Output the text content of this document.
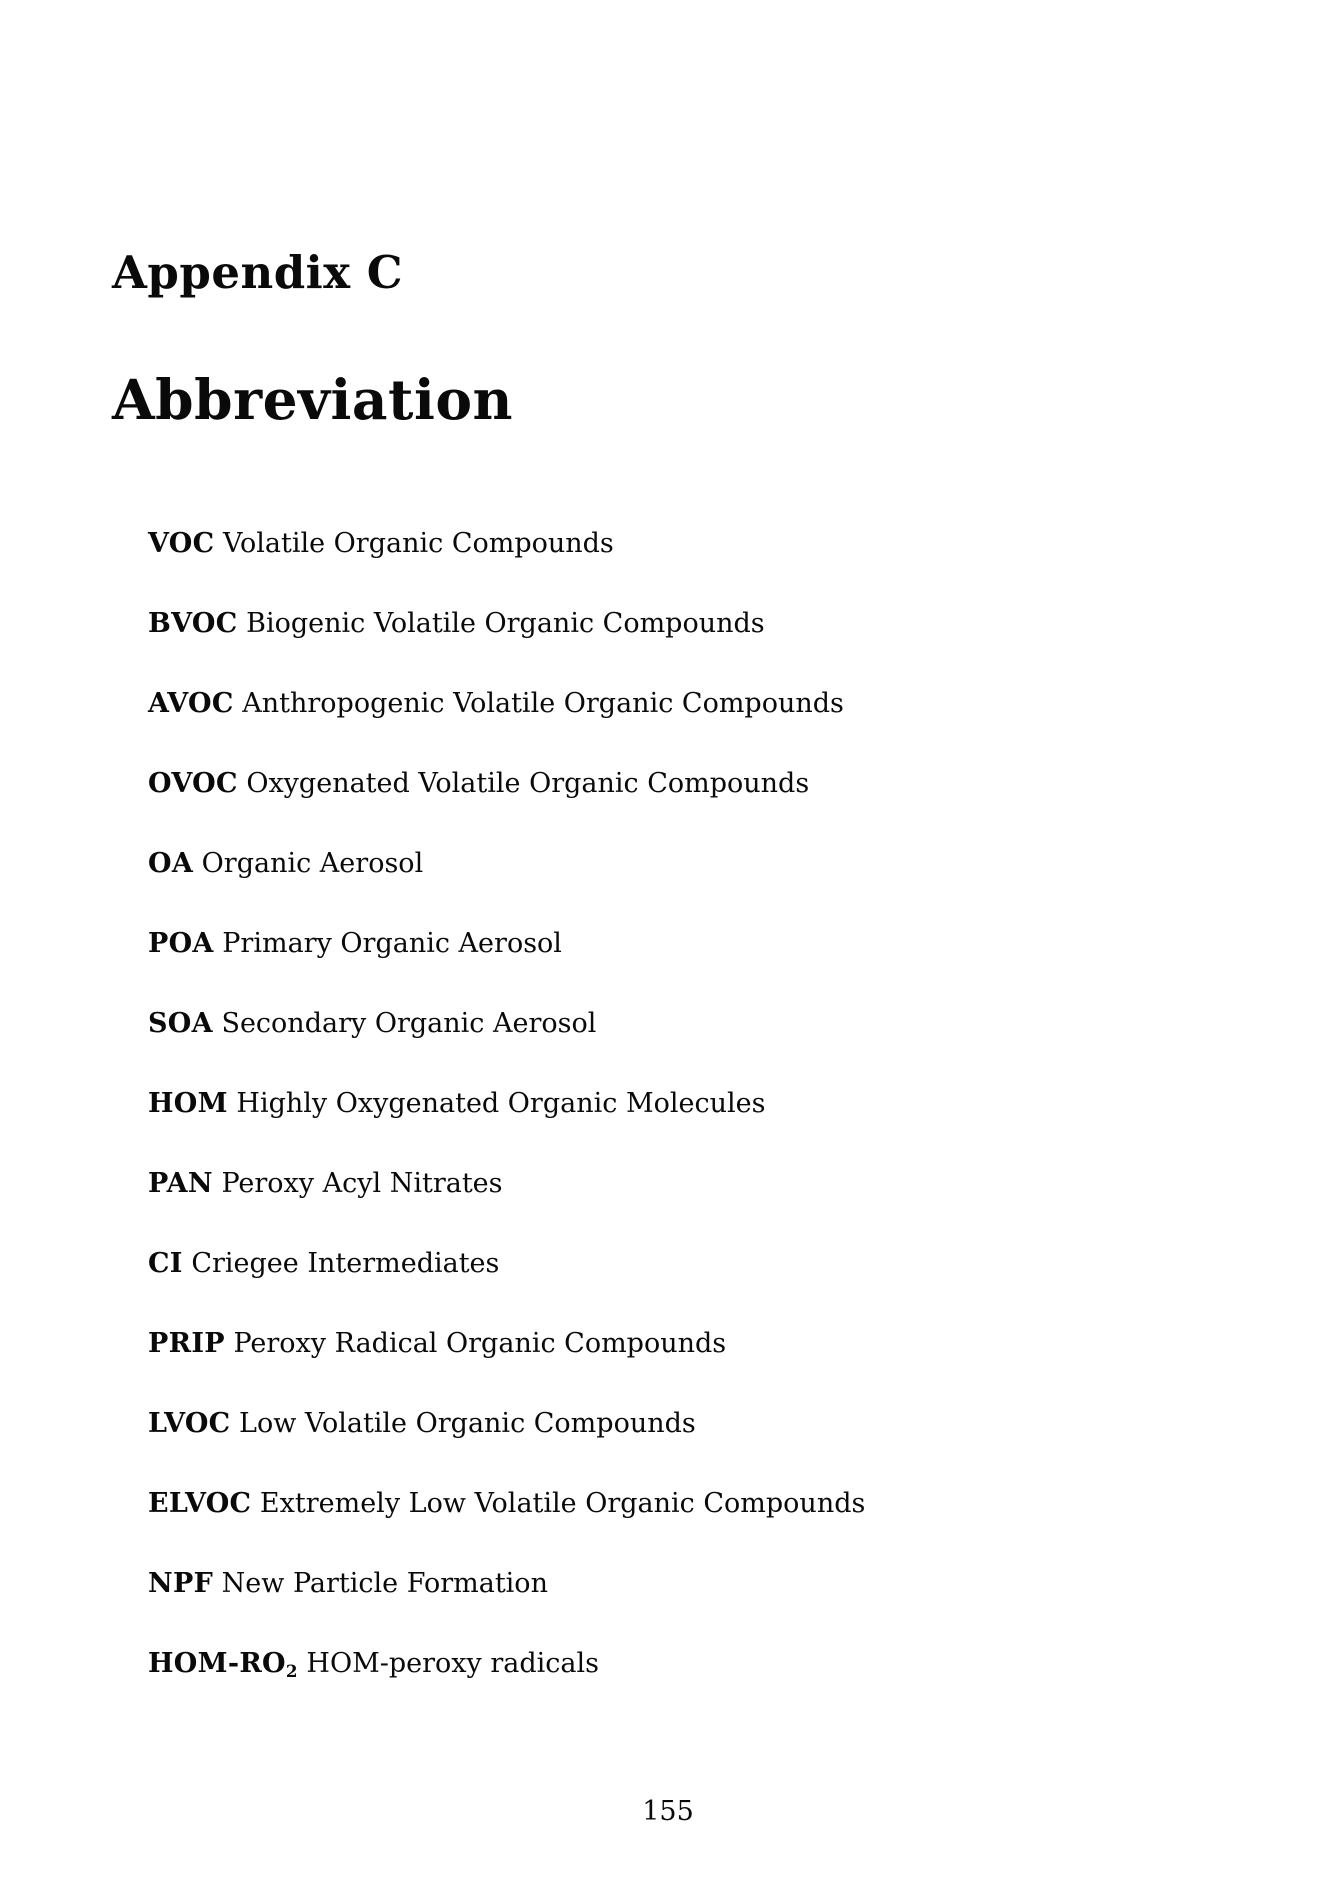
Appendix C
Abbreviation

VOC Volatile Organic Compounds

BVOC Biogenic Volatile Organic Compounds

AVOC Anthropogenic Volatile Organic Compounds

OVOC Oxygenated Volatile Organic Compounds

OA Organic Aerosol

POA Primary Organic Aerosol

SOA Secondary Organic Aerosol

HOM Highly Oxygenated Organic Molecules

PAN Peroxy Acyl Nitrates

CI Criegee Intermediates

PRIP Peroxy Radical Organic Compounds

LVOC Low Volatile Organic Compounds

ELVOC Extremely Low Volatile Organic Compounds

NPF New Particle Formation

HOM-$RO_2$ HOM-peroxy radicals

155
